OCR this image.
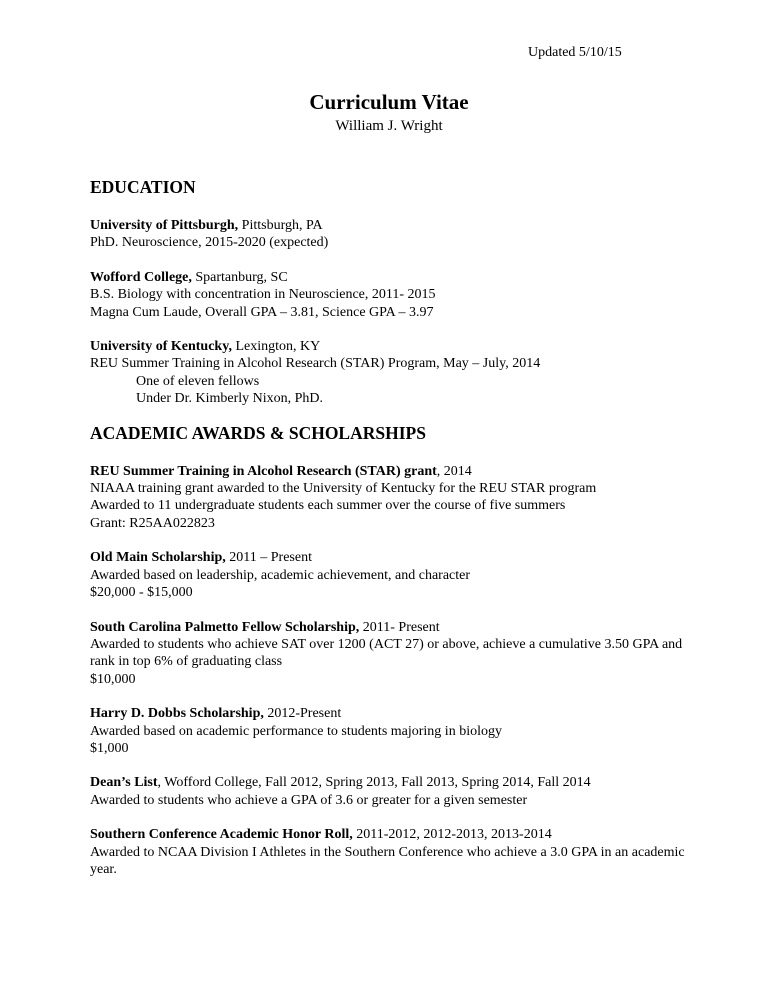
Updated 5/10/15
Curriculum Vitae
William J. Wright
EDUCATION
University of Pittsburgh, Pittsburgh, PA
PhD. Neuroscience, 2015-2020 (expected)
Wofford College, Spartanburg, SC
B.S. Biology with concentration in Neuroscience, 2011- 2015
Magna Cum Laude, Overall GPA – 3.81, Science GPA – 3.97
University of Kentucky, Lexington, KY
REU Summer Training in Alcohol Research (STAR) Program, May – July, 2014
One of eleven fellows
Under Dr. Kimberly Nixon, PhD.
ACADEMIC AWARDS & SCHOLARSHIPS
REU Summer Training in Alcohol Research (STAR) grant, 2014
NIAAA training grant awarded to the University of Kentucky for the REU STAR program
Awarded to 11 undergraduate students each summer over the course of five summers
Grant: R25AA022823
Old Main Scholarship, 2011 – Present
Awarded based on leadership, academic achievement, and character
$20,000 - $15,000
South Carolina Palmetto Fellow Scholarship, 2011- Present
Awarded to students who achieve SAT over 1200 (ACT 27) or above, achieve a cumulative 3.50 GPA and rank in top 6% of graduating class
$10,000
Harry D. Dobbs Scholarship, 2012-Present
Awarded based on academic performance to students majoring in biology
$1,000
Dean’s List, Wofford College, Fall 2012, Spring 2013, Fall 2013, Spring 2014, Fall 2014
Awarded to students who achieve a GPA of 3.6 or greater for a given semester
Southern Conference Academic Honor Roll, 2011-2012, 2012-2013, 2013-2014
Awarded to NCAA Division I Athletes in the Southern Conference who achieve a 3.0 GPA in an academic year.
